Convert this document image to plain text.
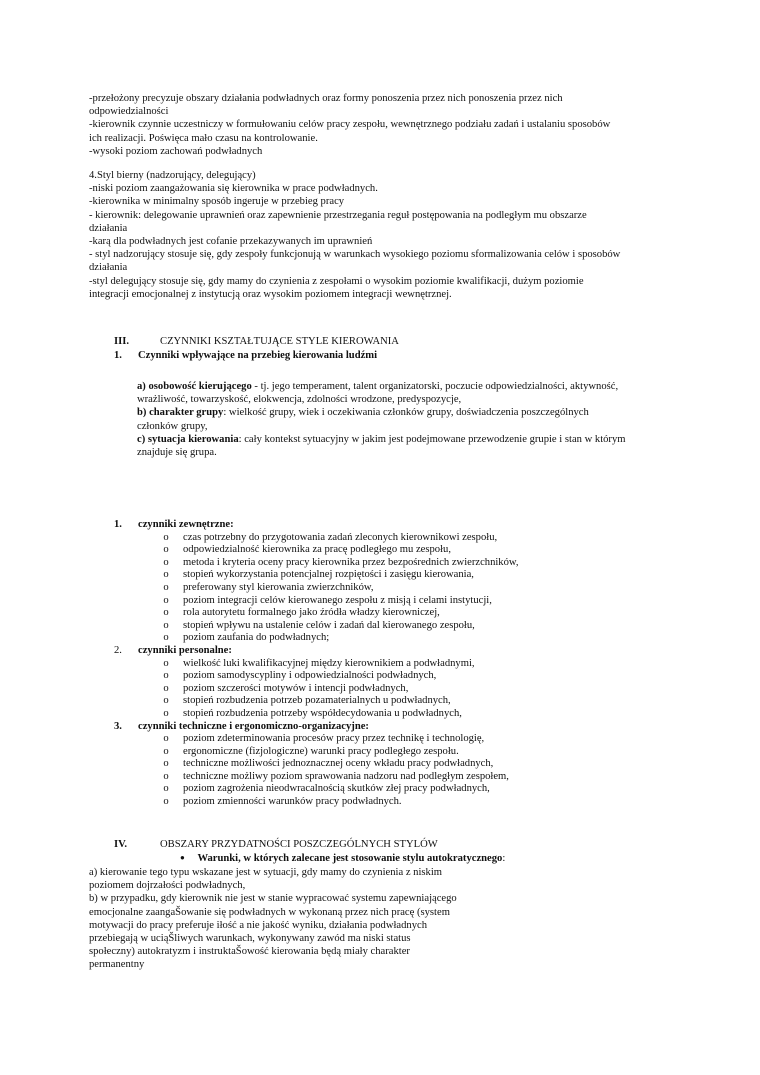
-przełożony precyzuje obszary działania podwładnych oraz formy ponoszenia przez nich ponoszenia przez nich
odpowiedzialności
-kierownik czynnie uczestniczy w formułowaniu celów pracy zespołu, wewnętrznego podziału zadań i ustalaniu sposobów
ich realizacji. Poświęca mało czasu na kontrolowanie.
-wysoki poziom zachowań podwładnych
4.Styl bierny (nadzorujący, delegujący)
-niski poziom zaangażowania się kierownika w prace podwładnych.
-kierownika w minimalny sposób ingeruje w przebieg pracy
- kierownik: delegowanie uprawnień oraz zapewnienie przestrzegania reguł postępowania na podległym mu obszarze
działania
-karą dla podwładnych jest cofanie przekazywanych im uprawnień
- styl nadzorujący stosuje się, gdy zespoły funkcjonują w warunkach wysokiego poziomu sformalizowania celów i sposobów
działania
-styl delegujący stosuje się, gdy mamy do czynienia z zespołami o wysokim poziomie kwalifikacji, dużym poziomie
integracji emocjonalnej z instytucją oraz wysokim poziomem integracji wewnętrznej.
III.	CZYNNIKI KSZTAŁTUJĄCE STYLE KIEROWANIA
1. Czynniki wpływające na przebieg kierowania ludźmi
a) osobowość kierującego - tj. jego temperament, talent organizatorski, poczucie odpowiedzialności, aktywność,
wrażliwość, towarzyskość, elokwencja, zdolności wrodzone, predyspozycje,
b) charakter grupy: wielkość grupy, wiek i oczekiwania członków grupy, doświadczenia poszczególnych
członków grupy,
c) sytuacja kierowania: cały kontekst sytuacyjny w jakim jest podejmowane przewodzenie grupie i stan w którym
znajduje się grupa.
1. czynniki zewnętrzne:
o czas potrzebny do przygotowania zadań zleconych kierownikowi zespołu,
o odpowiedzialność kierownika za pracę podległego mu zespołu,
o metoda i kryteria oceny pracy kierownika przez bezpośrednich zwierzchników,
o stopień wykorzystania potencjalnej rozpiętości i zasięgu kierowania,
o preferowany styl kierowania zwierzchników,
o poziom integracji celów kierowanego zespołu z misją i celami instytucji,
o rola autorytetu formalnego jako źródła władzy kierowniczej,
o stopień wpływu na ustalenie celów i zadań dal kierowanego zespołu,
o poziom zaufania do podwładnych;
2. czynniki personalne:
o wielkość luki kwalifikacyjnej między kierownikiem a podwładnymi,
o poziom samodyscypliny i odpowiedzialności podwładnych,
o poziom szczerości motywów i intencji podwładnych,
o stopień rozbudzenia potrzeb pozamaterialnych u podwładnych,
o stopień rozbudzenia potrzeby współdecydowania u podwładnych,
3. czynniki techniczne i ergonomiczno-organizacyjne:
o poziom zdeterminowania procesów pracy przez technikę i technologię,
o ergonomiczne (fizjologiczne) warunki pracy podległego zespołu.
o techniczne możliwości jednoznacznej oceny wkładu pracy podwładnych,
o techniczne możliwy poziom sprawowania nadzoru nad podległym zespołem,
o poziom zagrożenia nieodwracalnością skutków złej pracy podwładnych,
o poziom zmienności warunków pracy podwładnych.
IV.	OBSZARY PRZYDATNOŚCI POSZCZEGÓLNYCH STYLÓW
● Warunki, w których zalecane jest stosowanie stylu autokratycznego:
a) kierowanie tego typu wskazane jest w sytuacji, gdy mamy do czynienia z niskim
poziomem dojrzałości podwładnych,
b) w przypadku, gdy kierownik nie jest w stanie wypracować systemu zapewniającego
emocjonalne zaangaŠowanie się podwładnych w wykonaną przez nich pracę (system
motywacji do pracy preferuje iłość a nie jakość wyniku, działania podwładnych
przebiegają w uciąŠliwych warunkach, wykonywany zawód ma niski status
społeczny) autokratyzm i instruktaŠowość kierowania będą miały charakter
permanentny
